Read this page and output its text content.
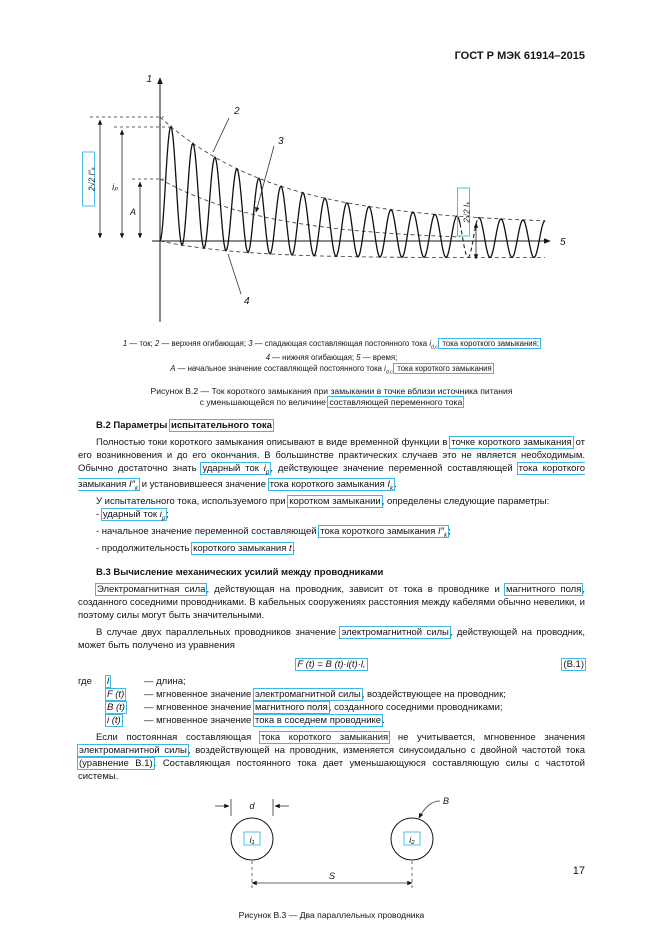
ГОСТ Р МЭК 61914–2015
1
2
3
4
5
2√2 I″ₖ iₚ
A	2√2 Iₖ

1 — ток; 2 — верхняя огибающая; 3 — спадающая составляющая постоянного тока $i_{d.c.}$ тока короткого замыкания;

4 — нижняя огибающая; 5 — время;

А — начальное значение составляющей постоянного тока $i_{d.c.}$ тока короткого замыкания

Рисунок В.2 — Ток короткого замыкания при замыкании в точке вблизи источника питания

с уменьшающейся по величине составляющей переменного тока

В.2 Параметры испытательного тока

Полностью токи короткого замыкания описывают в виде временной функции в точке короткого замыкания от его возникновения и до его окончания. В большинстве практических случаев это не является необходимым. Обычно достаточно знать ударный ток $i_p$, действующее значение переменной составляющей тока короткого замыкания $I''_k$ и установившееся значение тока короткого замыкания $I_k$.

У испытательного тока, используемого при коротком замыкании, определены следующие параметры:

- ударный ток $i_p$;

- начальное значение переменной составляющей тока короткого замыкания $I''_k$;

- продолжительность короткого замыкания t.

В.3 Вычисление механических усилий между проводниками

Электромагнитная сила, действующая на проводник, зависит от тока в проводнике и магнитного поля, созданного соседними проводниками. В кабельных сооружениях расстояния между кабелями обычно невелики, и поэтому силы могут быть значительными.

В случае двух параллельных проводников значение электромагнитной силы, действующей на проводник, может быть получено из уравнения

F (t) = B (t)·i(t)·l,	(В.1)
где	l	— длина;
F (t)	— мгновенное значение электромагнитной силы, воздействующее на проводник;
B (t)	— мгновенное значение магнитного поля, созданного соседними проводниками;
i (t)	— мгновенное значение тока в соседнем проводнике.

Если постоянная составляющая тока короткого замыкания не учитывается, мгновенное значения электромагнитной силы, воздействующей на проводник, изменяется синусоидально с двойной частотой тока (уравнение В.1). Составляющая постоянного тока дает уменьшающуюся составляющую силы с частотой системы.

d	B
i₁	i₂
S

Рисунок В.3 — Два параллельных проводника

17
